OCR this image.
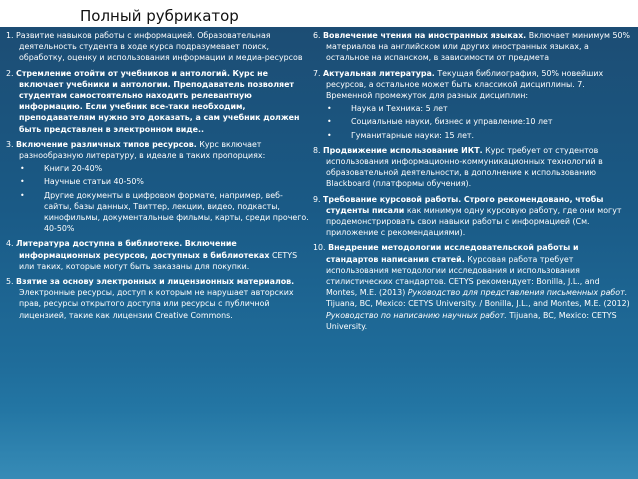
Полный рубрикатор
1. Развитие навыков работы с информацией. Образовательная деятельность студента в ходе курса подразумевает поиск, обработку, оценку и использования информации и медиа-ресурсов
2. Стремление отойти от учебников и антологий. Курс не включает учебники и антологии. Преподаватель позволяет студентам самостоятельно находить релевантную информацию. Если учебник все-таки необходим, преподавателям нужно это доказать, а сам учебник должен быть представлен в электронном виде..
3. Включение различных типов ресурсов. Курс включает разнообразную литературу, в идеале в таких пропорциях:
•	Книги 20-40%
•	Научные статьи 40-50%
•	Другие документы в цифровом формате, например, веб-сайты, базы данных, Твиттер, лекции, видео, подкасты, кинофильмы, документальные фильмы, карты, среди прочего. 40-50%
4. Литература доступна в библиотеке. Включение информационных ресурсов, доступных в библиотеках CETYS или таких, которые могут быть заказаны для покупки.
5. Взятие за основу электронных и лицензионных материалов. Электронные ресурсы, доступ к которым не нарушает авторских прав, ресурсы открытого доступа или ресурсы с публичной лицензией, такие как лицензии Creative Commons.
6. Вовлечение чтения на иностранных языках. Включает минимум 50% материалов на английском или других иностранных языках, а остальное на испанском, в зависимости от предмета
7. Актуальная литература. Текущая библиография, 50% новейших ресурсов, а остальное может быть классикой дисциплины. 7. Временной промежуток для разных дисциплин:
•	Наука и Техника: 5 лет
•	Социальные науки, бизнес и управление:10 лет
•	Гуманитарные науки: 15 лет.
8. Продвижение использование ИКТ. Курс требует от студентов использования информационно-коммуникационных технологий в образовательной деятельности, в дополнение к использованию Blackboard (платформы обучения).
9. Требование курсовой работы. Строго рекомендовано, чтобы студенты писали как минимум одну курсовую работу, где они могут продемонстрировать свои навыки работы с информацией (См. приложение с рекомендациями).
10. Внедрение методологии исследовательской работы и стандартов написания статей. Курсовая работа требует использования методологии исследования и использования стилистических стандартов. CETYS рекомендует: Bonilla, J.L., and Montes, M.E. (2013) Руководство для представления письменных работ. Tijuana, BC, Mexico: CETYS University. / Bonilla, J.L., and Montes, M.E. (2012) Руководство по написанию научных работ. Tijuana, BC, Mexico: CETYS University.
